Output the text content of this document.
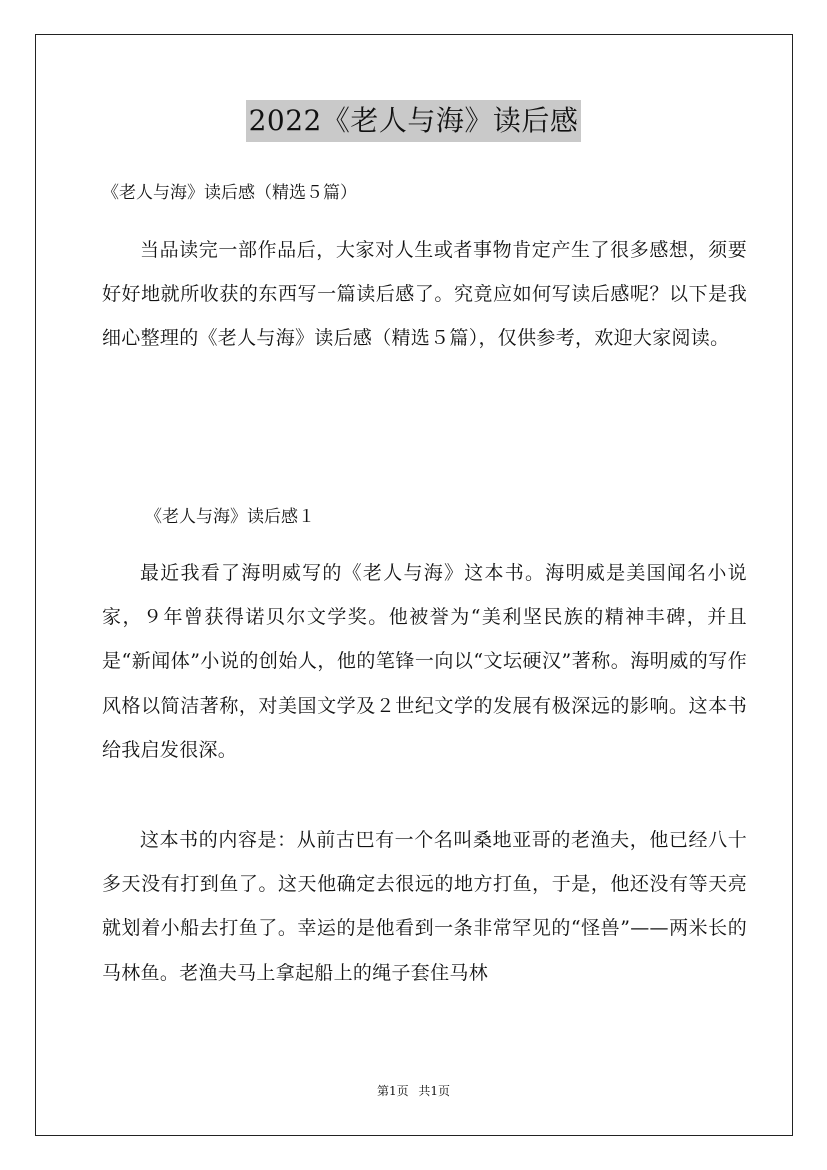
2022《老人与海》读后感
《老人与海》读后感（精选５篇）

当品读完一部作品后，大家对人生或者事物肯定产生了很多感想，须要好好地就所收获的东西写一篇读后感了。究竟应如何写读后感呢？以下是我细心整理的《老人与海》读后感（精选５篇），仅供参考，欢迎大家阅读。

《老人与海》读后感１

最近我看了海明威写的《老人与海》这本书。海明威是美国闻名小说家，９年曾获得诺贝尔文学奖。他被誉为“美利坚民族的精神丰碑，并且是“新闻体”小说的创始人，他的笔锋一向以“文坛硬汉”著称。海明威的写作风格以简洁著称，对美国文学及２世纪文学的发展有极深远的影响。这本书给我启发很深。

这本书的内容是：从前古巴有一个名叫桑地亚哥的老渔夫，他已经八十多天没有打到鱼了。这天他确定去很远的地方打鱼，于是，他还没有等天亮就划着小船去打鱼了。幸运的是他看到一条非常罕见的“怪兽”——两米长的马林鱼。老渔夫马上拿起船上的绳子套住马林

第1页 共1页
